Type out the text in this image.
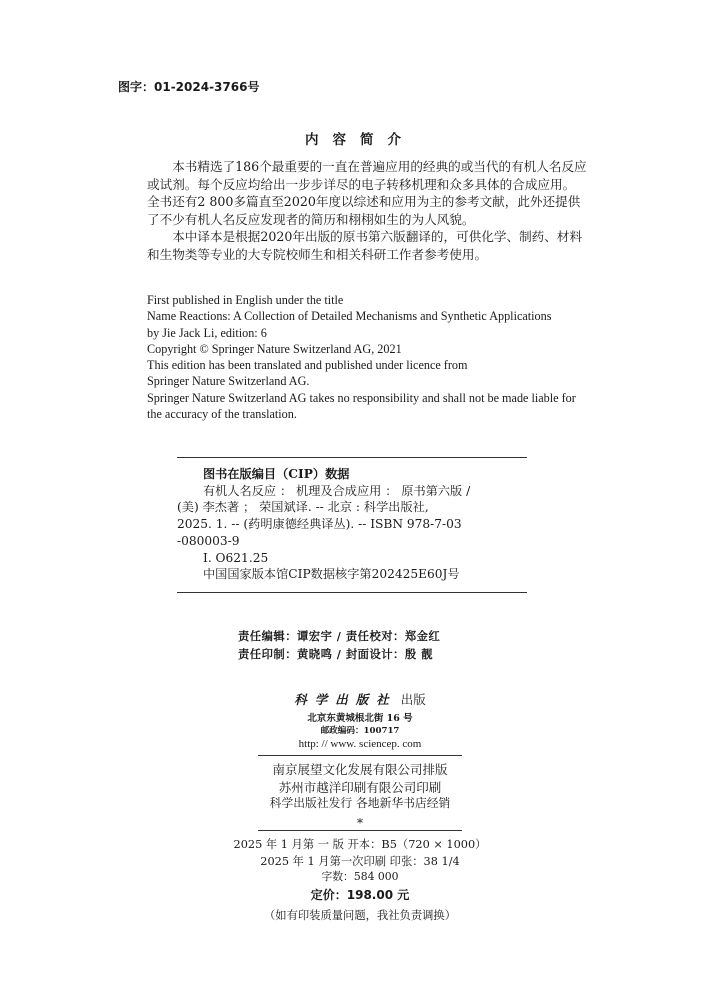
图字：01-2024-3766号
内容简介

本书精选了186个最重要的一直在普遍应用的经典的或当代的有机人名反应或试剂。每个反应均给出一步步详尽的电子转移机理和众多具体的合成应用。全书还有2 800多篇直至2020年度以综述和应用为主的参考文献，此外还提供了不少有机人名反应发现者的简历和栩栩如生的为人风貌。

本中译本是根据2020年出版的原书第六版翻译的，可供化学、制药、材料和生物类等专业的大专院校师生和相关科研工作者参考使用。

First published in English under the title
Name Reactions: A Collection of Detailed Mechanisms and Synthetic Applications
by Jie Jack Li, edition: 6
Copyright © Springer Nature Switzerland AG, 2021
This edition has been translated and published under licence from
Springer Nature Switzerland AG.
Springer Nature Switzerland AG takes no responsibility and shall not be made liable for
the accuracy of the translation.
图书在版编目（CIP）数据
有机人名反应 ： 机理及合成应用 ： 原书第六版 /
(美) 李杰著 ； 荣国斌译. -- 北京 : 科学出版社,
2025. 1. -- (药明康德经典译丛). -- ISBN 978-7-03
-080003-9
I. O621.25
中国国家版本馆CIP数据核字第202425E60J号
责任编辑：谭宏宇 / 责任校对：郑金红
责任印制：黄晓鸣 / 封面设计：殷 靓
科学出版社 出版
北京东黄城根北街 16 号
邮政编码：100717
http: // www. sciencep. com
南京展望文化发展有限公司排版
苏州市越洋印刷有限公司印刷
科学出版社发行 各地新华书店经销
*
2025 年 1 月第 一 版 开本：B5（720 × 1000）
2025 年 1 月第一次印刷 印张：38 1/4
字数：584 000
定价：198.00 元
（如有印装质量问题，我社负责调换）
